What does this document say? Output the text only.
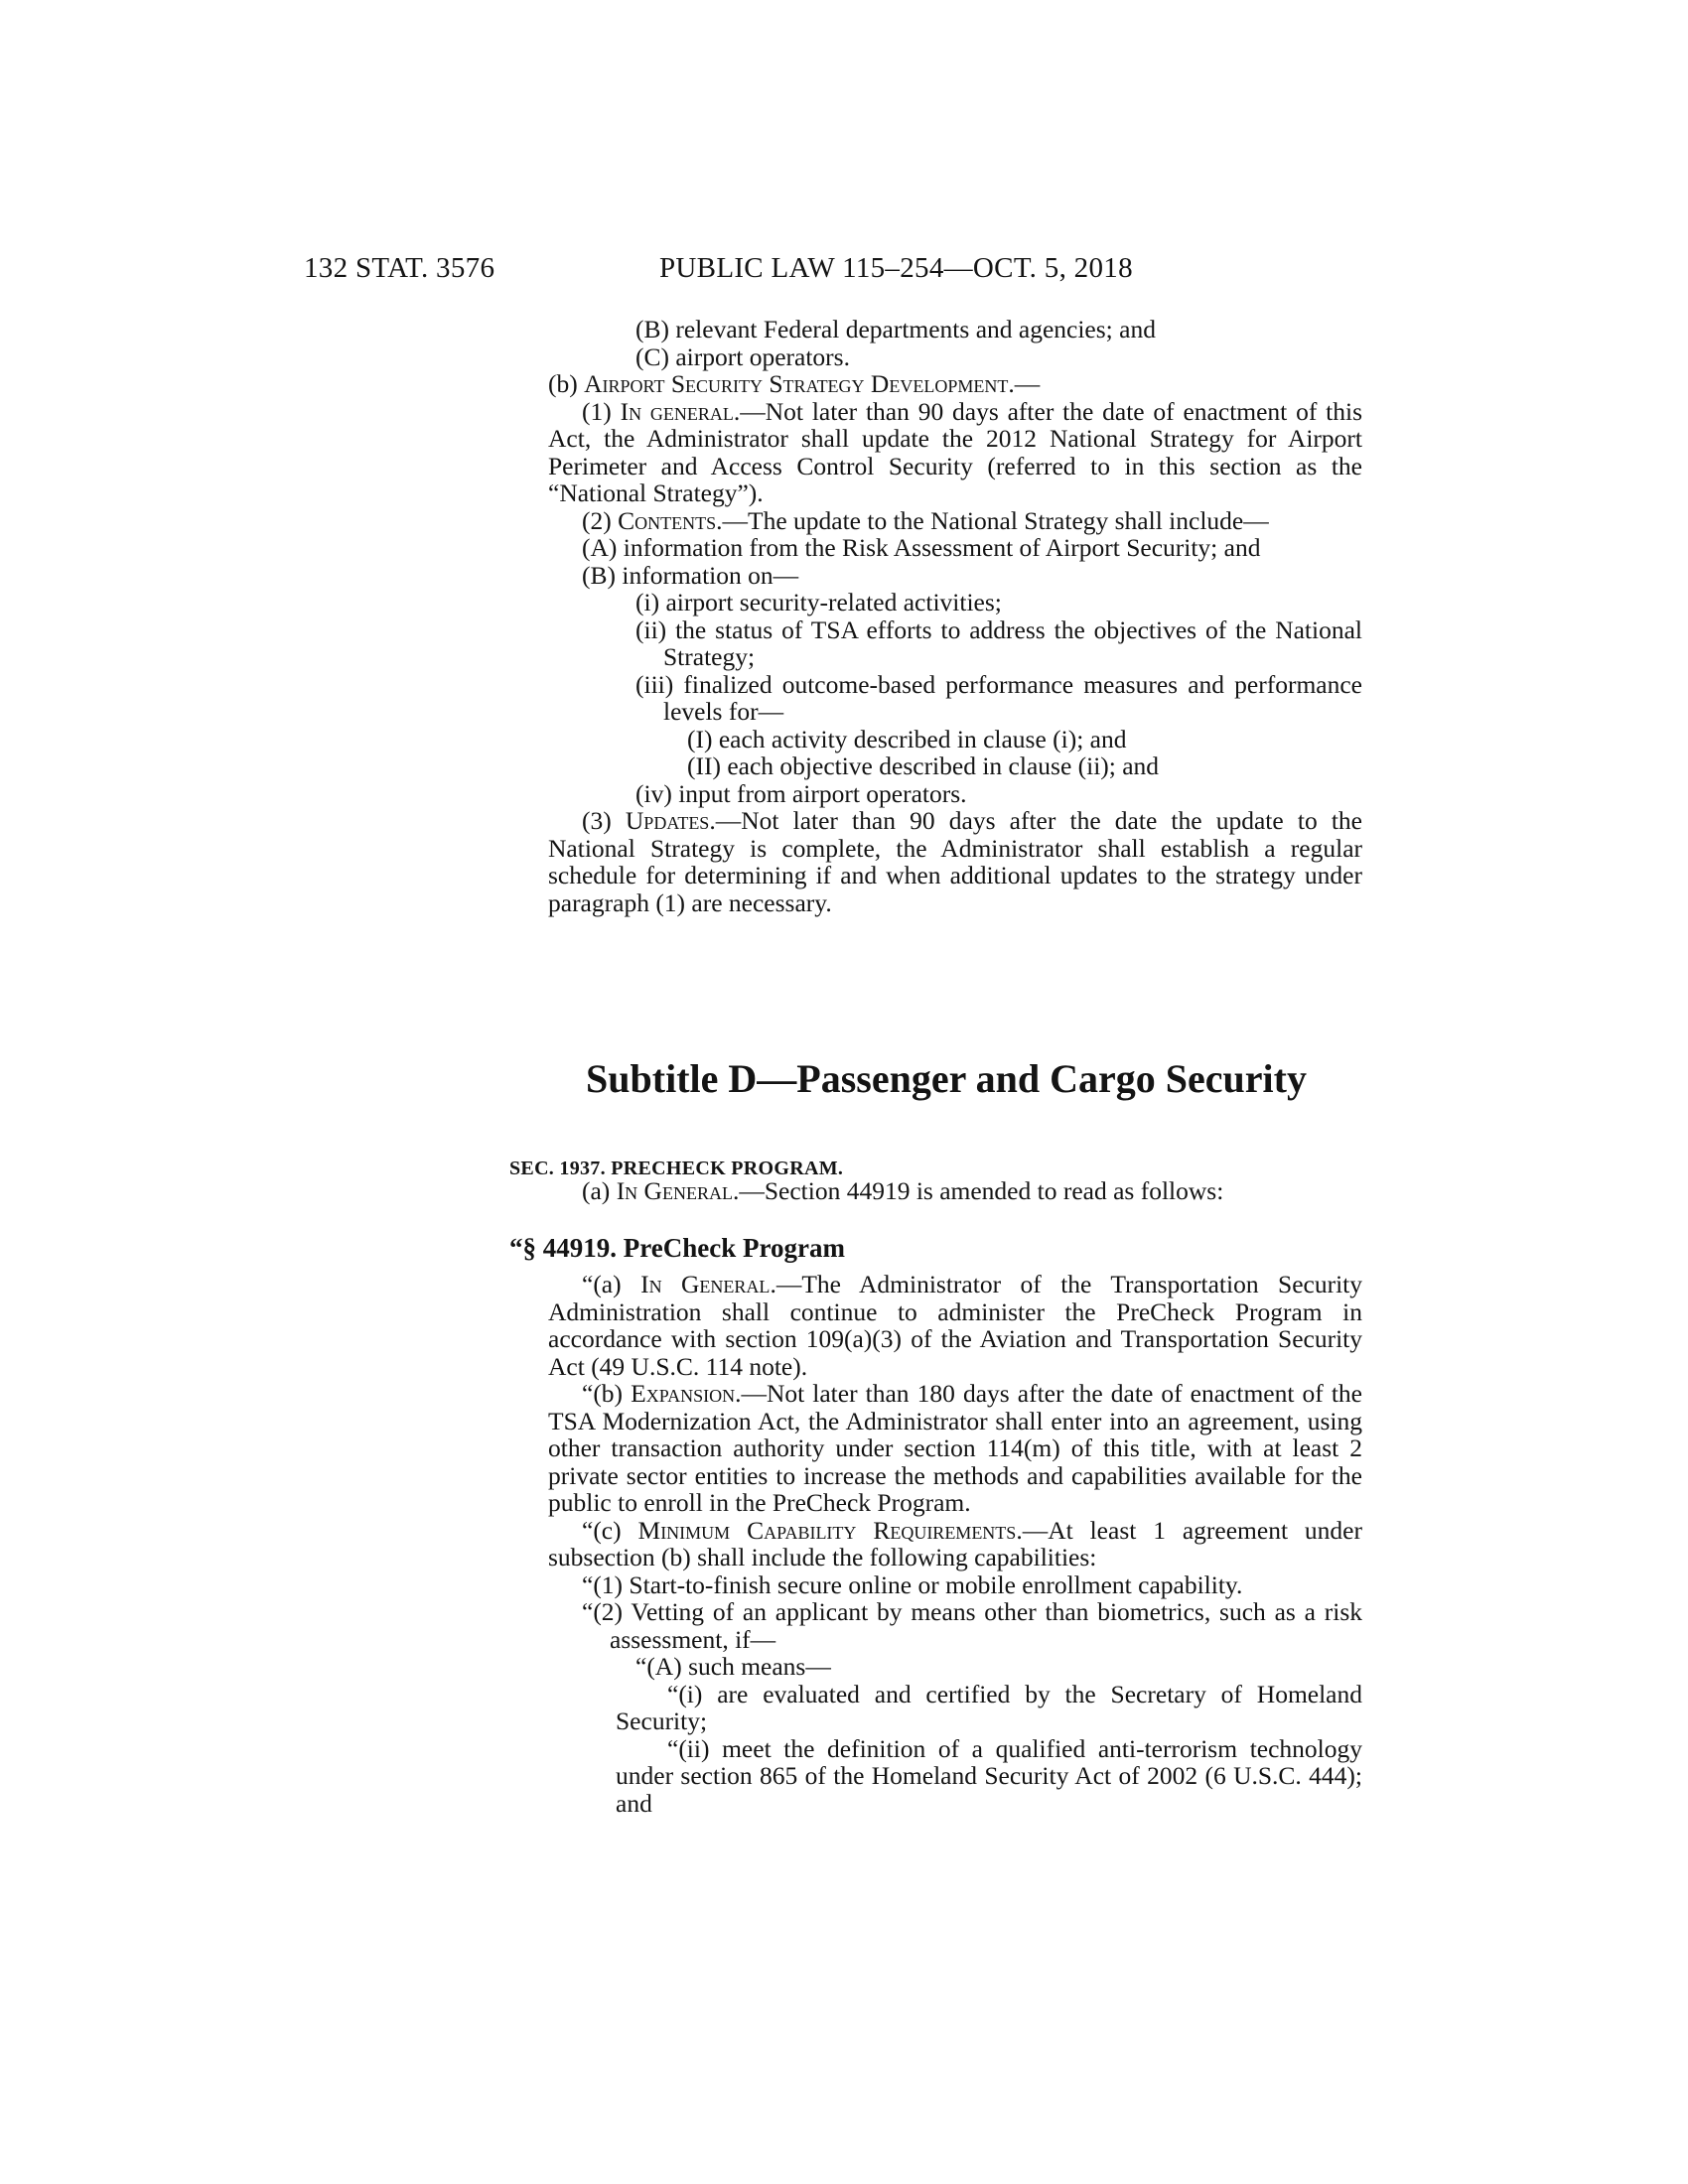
132 STAT. 3576	PUBLIC LAW 115–254—OCT. 5, 2018

(B) relevant Federal departments and agencies; and

(C) airport operators.

(b) Airport Security Strategy Development.—

(1) In general.—Not later than 90 days after the date of enactment of this Act, the Administrator shall update the 2012 National Strategy for Airport Perimeter and Access Control Security (referred to in this section as the “National Strategy”).

(2) Contents.—The update to the National Strategy shall include—

(A) information from the Risk Assessment of Airport Security; and

(B) information on—

(i) airport security-related activities;

(ii) the status of TSA efforts to address the objectives of the National Strategy;

(iii) finalized outcome-based performance measures and performance levels for—

(I) each activity described in clause (i); and

(II) each objective described in clause (ii); and

(iv) input from airport operators.

(3) Updates.—Not later than 90 days after the date the update to the National Strategy is complete, the Administrator shall establish a regular schedule for determining if and when additional updates to the strategy under paragraph (1) are necessary.

Subtitle D—Passenger and Cargo Security
SEC. 1937. PRECHECK PROGRAM.

(a) In General.—Section 44919 is amended to read as follows:

“§ 44919. PreCheck Program

“(a) In General.—The Administrator of the Transportation Security Administration shall continue to administer the PreCheck Program in accordance with section 109(a)(3) of the Aviation and Transportation Security Act (49 U.S.C. 114 note).

“(b) Expansion.—Not later than 180 days after the date of enactment of the TSA Modernization Act, the Administrator shall enter into an agreement, using other transaction authority under section 114(m) of this title, with at least 2 private sector entities to increase the methods and capabilities available for the public to enroll in the PreCheck Program.

“(c) Minimum Capability Requirements.—At least 1 agreement under subsection (b) shall include the following capabilities:

“(1) Start-to-finish secure online or mobile enrollment capability.

“(2) Vetting of an applicant by means other than biometrics, such as a risk assessment, if—

“(A) such means—

“(i) are evaluated and certified by the Secretary of Homeland Security;

“(ii) meet the definition of a qualified anti-terrorism technology under section 865 of the Homeland Security Act of 2002 (6 U.S.C. 444); and
